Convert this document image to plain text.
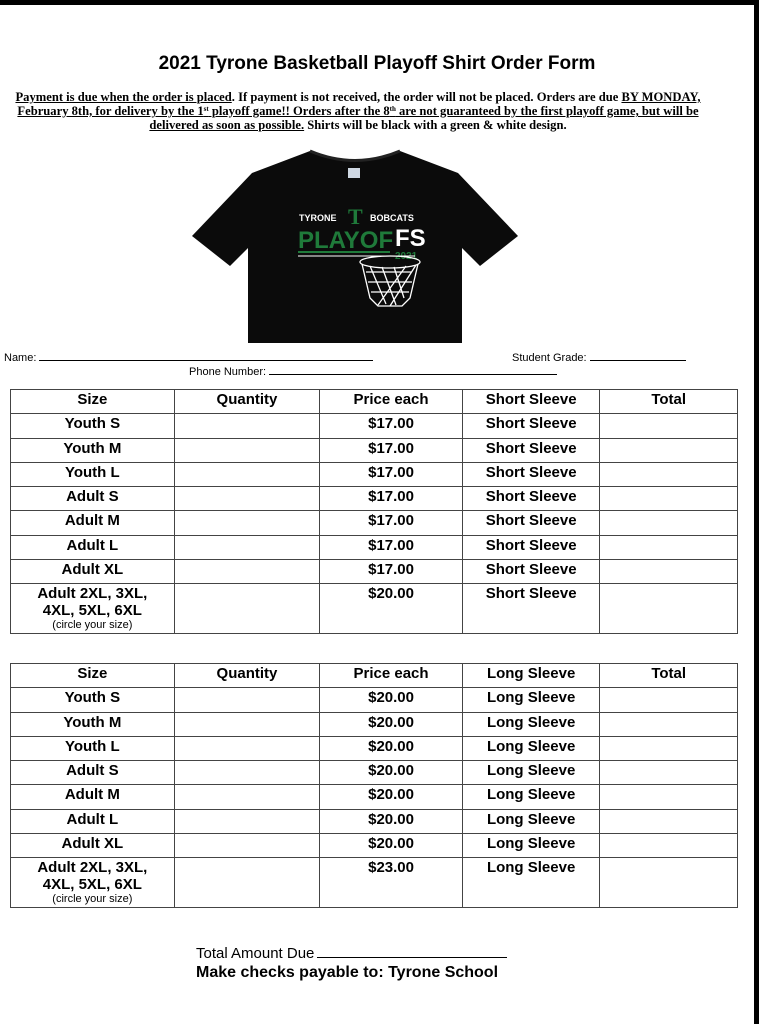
2021 Tyrone Basketball Playoff Shirt Order Form
Payment is due when the order is placed. If payment is not received, the order will not be placed. Orders are due BY MONDAY, February 8th, for delivery by the 1st playoff game!! Orders after the 8th are not guaranteed by the first playoff game, but will be delivered as soon as possible. Shirts will be black with a green & white design.
TYRONE	BOBCATS
T
PLAYOF FS
2021
Name:	Student Grade:
Phone Number:
Size	Quantity	Price each	Short Sleeve	Total
Youth S		$17.00	Short Sleeve	
Youth M		$17.00	Short Sleeve	
Youth L		$17.00	Short Sleeve	
Adult S		$17.00	Short Sleeve	
Adult M		$17.00	Short Sleeve	
Adult L		$17.00	Short Sleeve	
Adult XL		$17.00	Short Sleeve	

Adult 2XL, 3XL,
4XL, 5XL, 6XL
(circle your size)		$20.00	Short Sleeve	
Size	Quantity	Price each	Long Sleeve	Total
Youth S		$20.00	Long Sleeve	
Youth M		$20.00	Long Sleeve	
Youth L		$20.00	Long Sleeve	
Adult S		$20.00	Long Sleeve	
Adult M		$20.00	Long Sleeve	
Adult L		$20.00	Long Sleeve	
Adult XL		$20.00	Long Sleeve	

Adult 2XL, 3XL,
4XL, 5XL, 6XL
(circle your size)		$23.00	Long Sleeve	
Total Amount Due
Make checks payable to: Tyrone School
